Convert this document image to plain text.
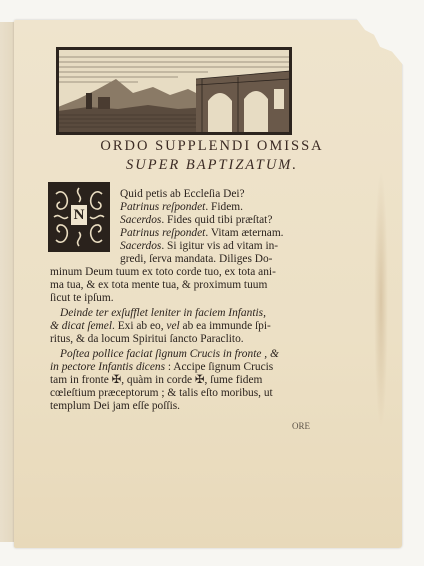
ORDO SUPPLENDI OMISSA
SUPER BAPTIZATUM.
N
Quid petis ab Eccleſia Dei?
Patrinus reſpondet. Fidem.
Sacerdos. Fides quid tibi præſtat?
Patrinus reſpondet. Vitam æternam.
Sacerdos. Si igitur vis ad vitam in-
gredi, ſerva mandata. Diliges Do-
minum Deum tuum ex toto corde tuo, ex tota ani-
ma tua, & ex tota mente tua, & proximum tuum
ſicut te ipſum.
Deinde ter exſufflet leniter in faciem Infantis,
& dicat ſemel. Exi ab eo, vel ab ea immunde ſpi-
ritus, & da locum Spiritui ſancto Paraclito.
Poſtea pollice faciat ſignum Crucis in fronte , &
in pectore Infantis dicens : Accipe ſignum Crucis
tam in fronte ✠, quàm in corde ✠, ſume fidem
cœleſtium præceptorum ; & talis eſto moribus, ut
templum Dei jam eſſe poſſis.
ORE
